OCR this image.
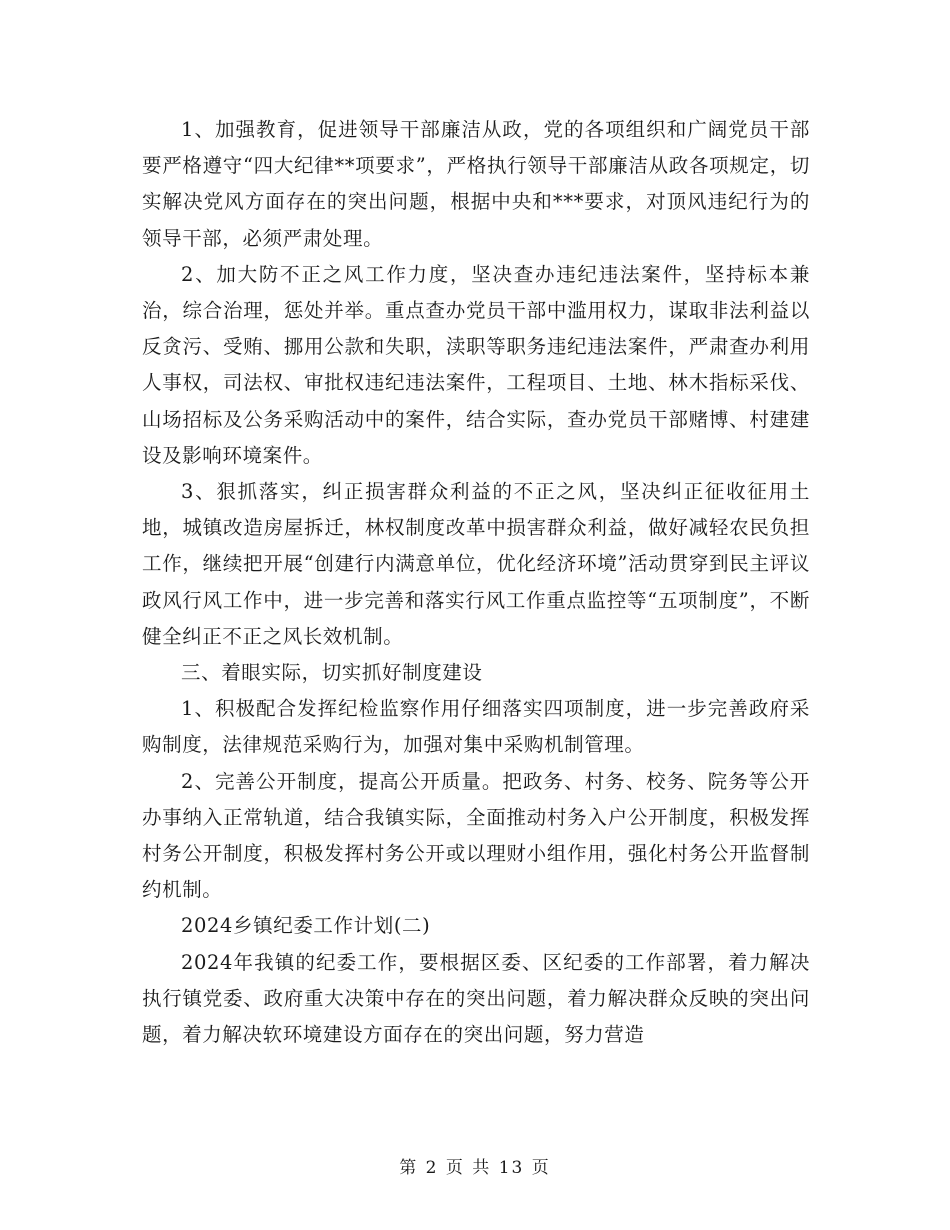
1、加强教育，促进领导干部廉洁从政，党的各项组织和广阔党员干部要严格遵守“四大纪律**项要求”，严格执行领导干部廉洁从政各项规定，切实解决党风方面存在的突出问题，根据中央和***要求，对顶风违纪行为的领导干部，必须严肃处理。

2、加大防不正之风工作力度，坚决查办违纪违法案件，坚持标本兼治，综合治理，惩处并举。重点查办党员干部中滥用权力，谋取非法利益以反贪污、受贿、挪用公款和失职，渎职等职务违纪违法案件，严肃查办利用人事权，司法权、审批权违纪违法案件，工程项目、土地、林木指标采伐、山场招标及公务采购活动中的案件，结合实际，查办党员干部赌博、村建建设及影响环境案件。

3、狠抓落实，纠正损害群众利益的不正之风，坚决纠正征收征用土地，城镇改造房屋拆迁，林权制度改革中损害群众利益，做好减轻农民负担工作，继续把开展“创建行内满意单位，优化经济环境”活动贯穿到民主评议政风行风工作中，进一步完善和落实行风工作重点监控等“五项制度”，不断健全纠正不正之风长效机制。

三、着眼实际，切实抓好制度建设

1、积极配合发挥纪检监察作用仔细落实四项制度，进一步完善政府采购制度，法律规范采购行为，加强对集中采购机制管理。

2、完善公开制度，提高公开质量。把政务、村务、校务、院务等公开办事纳入正常轨道，结合我镇实际，全面推动村务入户公开制度，积极发挥村务公开制度，积极发挥村务公开或以理财小组作用，强化村务公开监督制约机制。

2024乡镇纪委工作计划(二)

2024年我镇的纪委工作，要根据区委、区纪委的工作部署，着力解决执行镇党委、政府重大决策中存在的突出问题，着力解决群众反映的突出问题，着力解决软环境建设方面存在的突出问题，努力营造

第 2 页 共 13 页
